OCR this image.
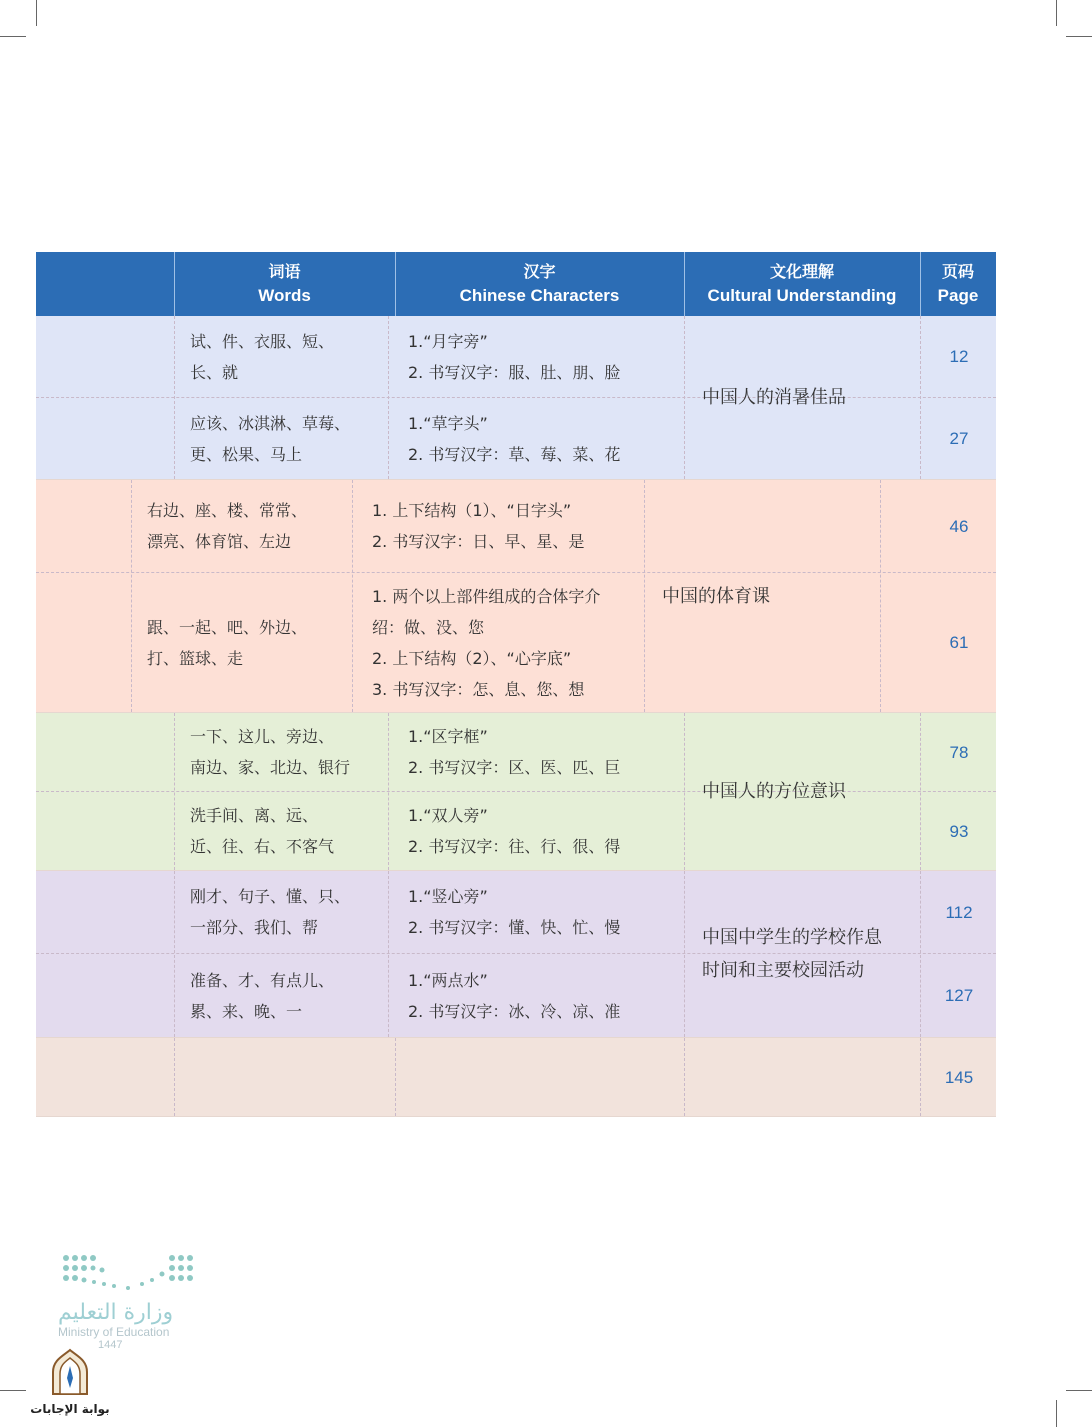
词语
Words
汉字
Chinese Characters
文化理解
Cultural Understanding
页码
Page
试、件、衣服、短、
长、就
1.“月字旁”
2. 书写汉字：服、肚、朋、脸
12
应该、冰淇淋、草莓、
更、松果、马上
1.“草字头”
2. 书写汉字：草、莓、菜、花
27
中国人的消暑佳品
右边、座、楼、常常、
漂亮、体育馆、左边
1. 上下结构（1）、“日字头”
2. 书写汉字：日、早、星、是
46
跟、一起、吧、外边、
打、篮球、走
1. 两个以上部件组成的合体字介
绍：做、没、您
2. 上下结构（2）、“心字底”
3. 书写汉字：怎、息、您、想
61
中国的体育课
一下、这儿、旁边、
南边、家、北边、银行
1.“区字框”
2. 书写汉字：区、医、匹、巨
78
洗手间、离、远、
近、往、右、不客气
1.“双人旁”
2. 书写汉字：往、行、很、得
93
中国人的方位意识
刚才、句子、懂、只、
一部分、我们、帮
1.“竖心旁”
2. 书写汉字：懂、快、忙、慢
112
准备、才、有点儿、
累、来、晚、一
1.“两点水”
2. 书写汉字：冰、冷、凉、准
127
中国中学生的学校作息
时间和主要校园活动
145
وزارة التعليم
Ministry of Education
1447
بوابة الإجابات
